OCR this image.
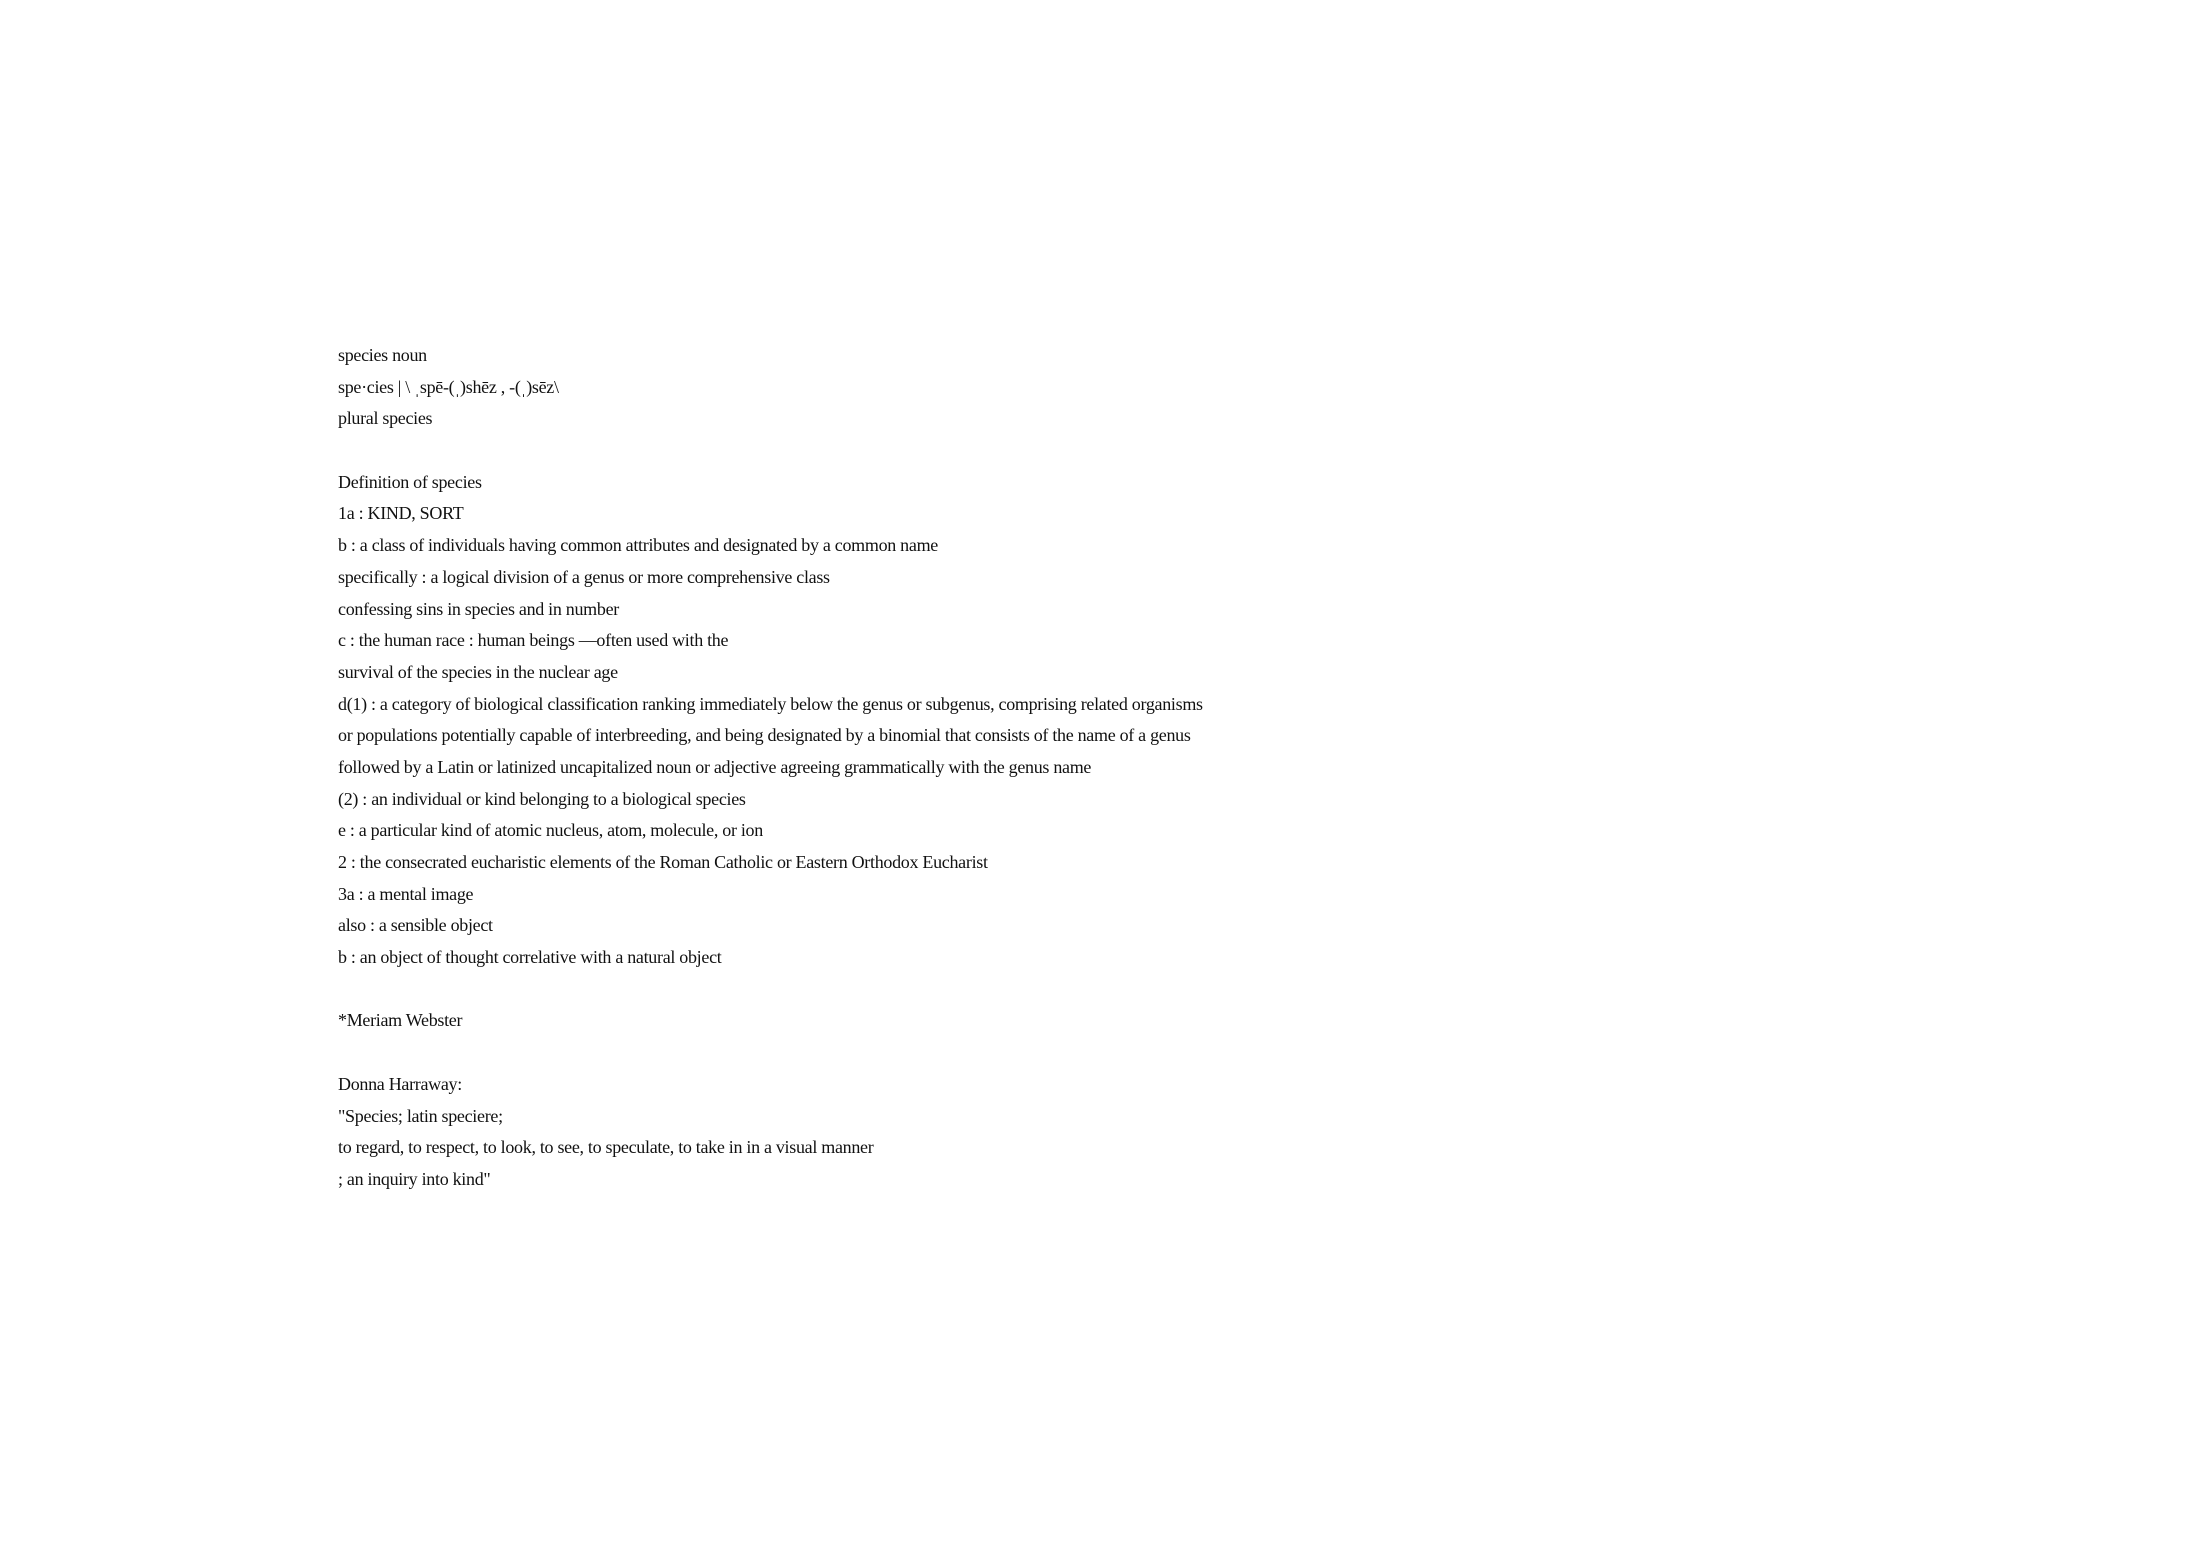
species noun
spe·cies | \ ˌspē-(ˌ)shēz , -(ˌ)sēz\
plural species
Definition of species
1a : KIND, SORT
b : a class of individuals having common attributes and designated by a common name
specifically : a logical division of a genus or more comprehensive class
confessing sins in species and in number
c : the human race : human beings —often used with the
survival of the species in the nuclear age
d(1) : a category of biological classification ranking immediately below the genus or subgenus, comprising related organisms
or populations potentially capable of interbreeding, and being designated by a binomial that consists of the name of a genus
followed by a Latin or latinized uncapitalized noun or adjective agreeing grammatically with the genus name
(2) : an individual or kind belonging to a biological species
e : a particular kind of atomic nucleus, atom, molecule, or ion
2 : the consecrated eucharistic elements of the Roman Catholic or Eastern Orthodox Eucharist
3a : a mental image
also : a sensible object
b : an object of thought correlative with a natural object
*Meriam Webster
Donna Harraway:
"Species; latin speciere;
to regard, to respect, to look, to see, to speculate, to take in in a visual manner
; an inquiry into kind"
